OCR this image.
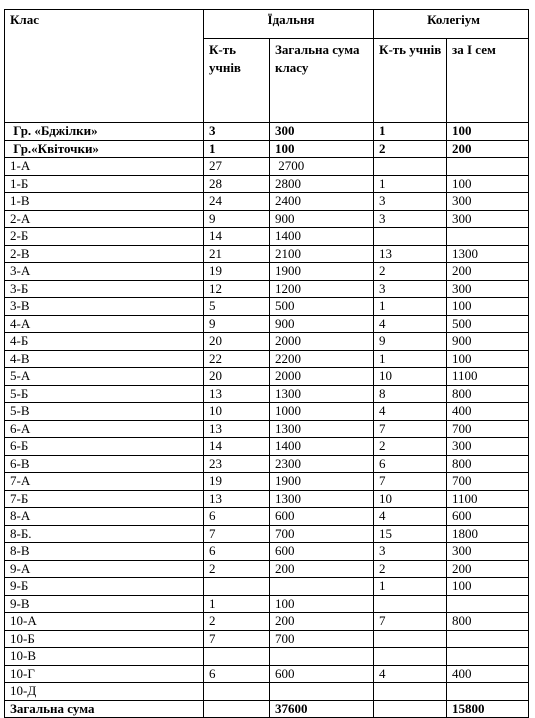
Клас	Їдальня		Колегіум	
	К-ть учнів	Загальна сума класу	К-ть учнів	за І сем
Гр. «Бджілки»	3	300	1	100
Гр.«Квіточки»	1	100	2	200
1-А	27	2700		
1-Б	28	2800	1	100
1-В	24	2400	3	300
2-А	9	900	3	300
2-Б	14	1400		
2-В	21	2100	13	1300
3-А	19	1900	2	200
3-Б	12	1200	3	300
3-В	5	500	1	100
4-А	9	900	4	500
4-Б	20	2000	9	900
4-В	22	2200	1	100
5-А	20	2000	10	1100
5-Б	13	1300	8	800
5-В	10	1000	4	400
6-А	13	1300	7	700
6-Б	14	1400	2	300
6-В	23	2300	6	800
7-А	19	1900	7	700
7-Б	13	1300	10	1100
8-А	6	600	4	600
8-Б.	7	700	15	1800
8-В	6	600	3	300
9-А	2	200	2	200
9-Б			1	100
9-В	1	100		
10-А	2	200	7	800
10-Б	7	700		
10-В				
10-Г	6	600	4	400
10-Д				
Загальна сума		37600		15800
